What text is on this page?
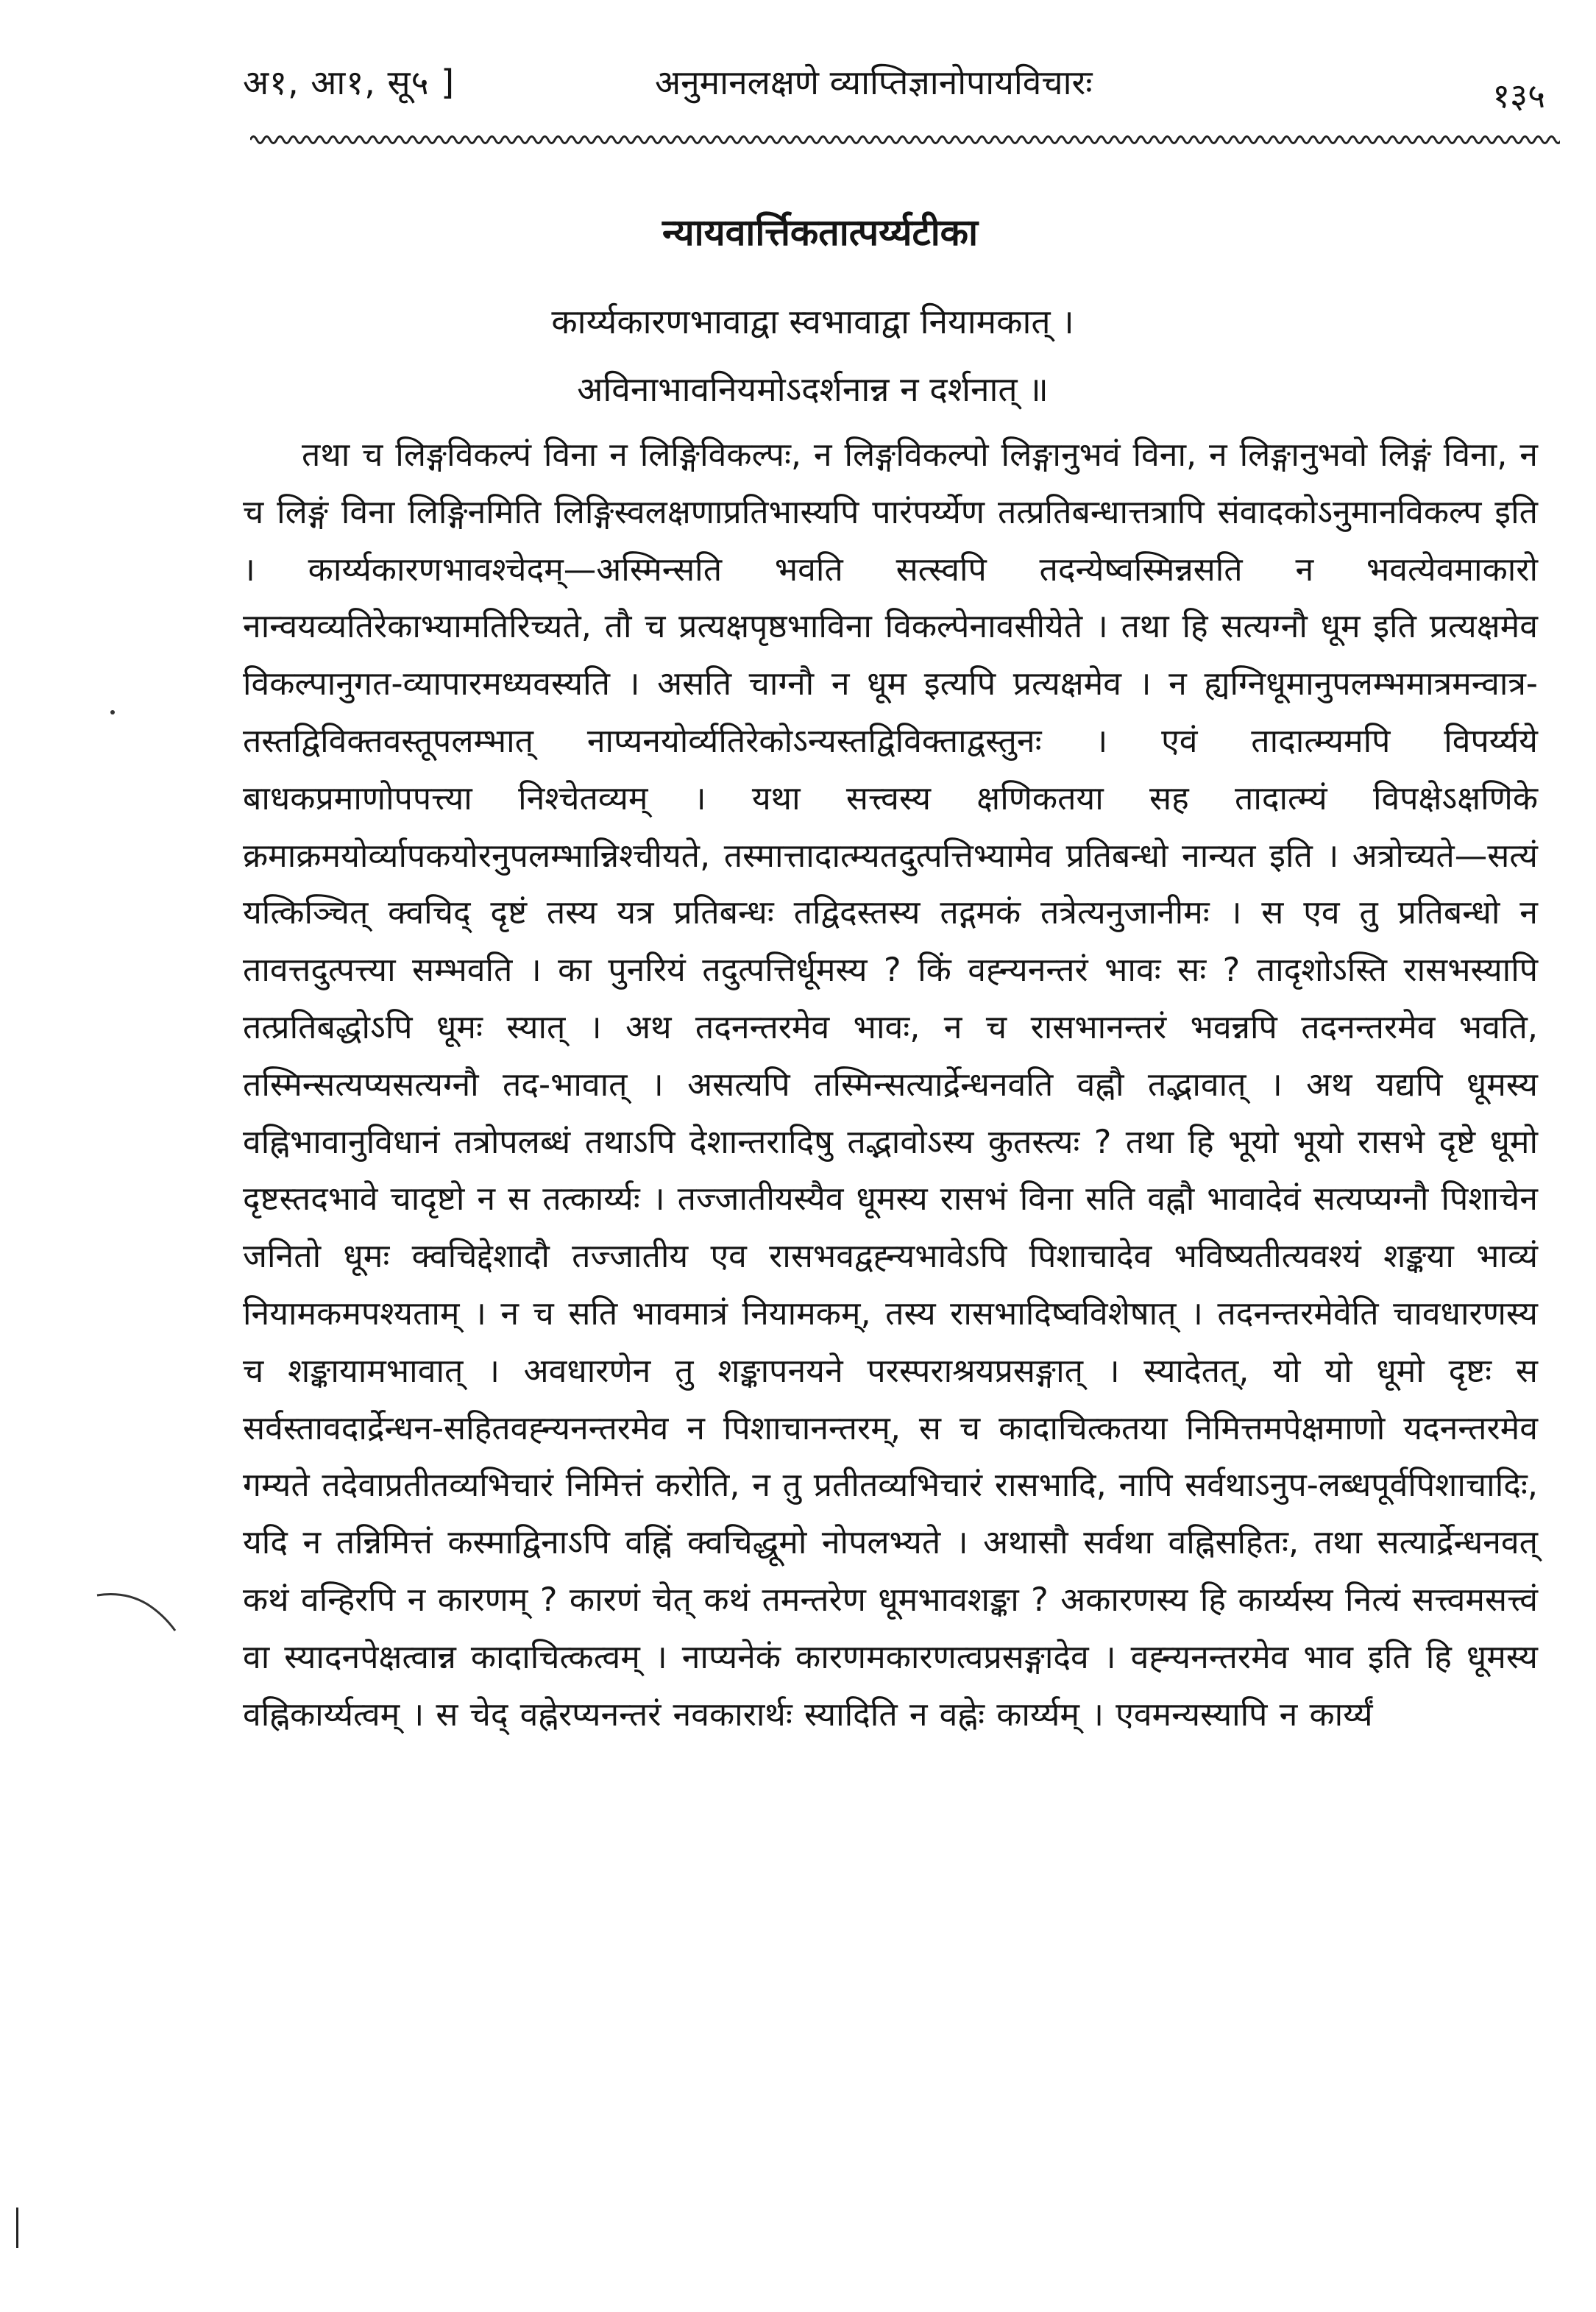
अ१, आ१, सू५ ]	अनुमानलक्षणे व्याप्तिज्ञानोपायविचारः	१३५
न्यायवार्त्तिकतात्पर्य्यटीका
कार्य्यकारणभावाद्वा स्वभावाद्वा नियामकात् ।
अविनाभावनियमोऽदर्शनान्न न दर्शनात् ॥
तथा च लिङ्गविकल्पं विना न लिङ्गिविकल्पः, न लिङ्गविकल्पो लिङ्गानुभवं विना, न लिङ्गानुभवो लिङ्गं विना, न च लिङ्गं विना लिङ्गिनमिति लिङ्गिस्वलक्षणाप्रतिभास्यपि पारंपर्य्येण तत्प्रतिबन्धात्तत्रापि संवादकोऽनुमानविकल्प इति । कार्य्यकारणभावश्चेदम्—अस्मिन्सति भवति सत्स्वपि तदन्येष्वस्मिन्नसति न भवत्येवमाकारो नान्वयव्यतिरेकाभ्यामतिरिच्यते, तौ च प्रत्यक्षपृष्ठभाविना विकल्पेनावसीयेते । तथा हि सत्यग्नौ धूम इति प्रत्यक्षमेव विकल्पानुगत-व्यापारमध्यवस्यति । असति चाग्नौ न धूम इत्यपि प्रत्यक्षमेव । न ह्यग्निधूमानुपलम्भमात्रमन्वात्र-तस्तद्विविक्तवस्तूपलम्भात् नाप्यनयोर्व्यतिरेकोऽन्यस्तद्विविक्ताद्वस्तुनः । एवं तादात्म्यमपि विपर्य्यये बाधकप्रमाणोपपत्त्या निश्चेतव्यम् । यथा सत्त्वस्य क्षणिकतया सह तादात्म्यं विपक्षेऽक्षणिके क्रमाक्रमयोर्व्यापकयोरनुपलम्भान्निश्चीयते, तस्मात्तादात्म्यतदुत्पत्तिभ्यामेव प्रतिबन्धो नान्यत इति । अत्रोच्यते—सत्यं यत्किञ्चित् क्वचिद् दृष्टं तस्य यत्र प्रतिबन्धः तद्विदस्तस्य तद्गमकं तत्रेत्यनुजानीमः । स एव तु प्रतिबन्धो न तावत्तदुत्पत्त्या सम्भवति । का पुनरियं तदुत्पत्तिर्धूमस्य ? किं वह्न्यनन्तरं भावः सः ? तादृशोऽस्ति रासभस्यापि तत्प्रतिबद्धोऽपि धूमः स्यात् । अथ तदनन्तरमेव भावः, न च रासभानन्तरं भवन्नपि तदनन्तरमेव भवति, तस्मिन्सत्यप्यसत्यग्नौ तद-भावात् । असत्यपि तस्मिन्सत्यार्द्रेन्धनवति वह्नौ तद्भावात् । अथ यद्यपि धूमस्य वह्निभावानुविधानं तत्रोपलब्धं तथाऽपि देशान्तरादिषु तद्भावोऽस्य कुतस्त्यः ? तथा हि भूयो भूयो रासभे दृष्टे धूमो दृष्टस्तदभावे चादृष्टो न स तत्कार्य्यः । तज्जातीयस्यैव धूमस्य रासभं विना सति वह्नौ भावादेवं सत्यप्यग्नौ पिशाचेन जनितो धूमः क्वचिद्देशादौ तज्जातीय एव रासभवद्वह्न्यभावेऽपि पिशाचादेव भविष्यतीत्यवश्यं शङ्कया भाव्यं नियामकमपश्यताम् । न च सति भावमात्रं नियामकम्, तस्य रासभादिष्वविशेषात् । तदनन्तरमेवेति चावधारणस्य च शङ्कायामभावात् । अवधारणेन तु शङ्कापनयने परस्पराश्रयप्रसङ्गात् । स्यादेतत्, यो यो धूमो दृष्टः स सर्वस्तावदार्द्रेन्धन-सहितवह्न्यनन्तरमेव न पिशाचानन्तरम्, स च कादाचित्कतया निमित्तमपेक्षमाणो यदनन्तरमेव गम्यते तदेवाप्रतीतव्यभिचारं निमित्तं करोति, न तु प्रतीतव्यभिचारं रासभादि, नापि सर्वथाऽनुप-लब्धपूर्वपिशाचादिः, यदि न तन्निमित्तं कस्माद्विनाऽपि वह्निं क्वचिद्धूमो नोपलभ्यते । अथासौ सर्वथा वह्निसहितः, तथा सत्यार्द्रेन्धनवत् कथं वन्हिरपि न कारणम् ? कारणं चेत् कथं तमन्तरेण धूमभावशङ्का ? अकारणस्य हि कार्य्यस्य नित्यं सत्त्वमसत्त्वं वा स्यादनपेक्षत्वान्न कादाचित्कत्वम् । नाप्यनेकं कारणमकारणत्वप्रसङ्गादेव । वह्न्यनन्तरमेव भाव इति हि धूमस्य वह्निकार्य्यत्वम् । स चेद् वह्नेरप्यनन्तरं नवकारार्थः स्यादिति न वह्नेः कार्य्यम् । एवमन्यस्यापि न कार्य्यं
